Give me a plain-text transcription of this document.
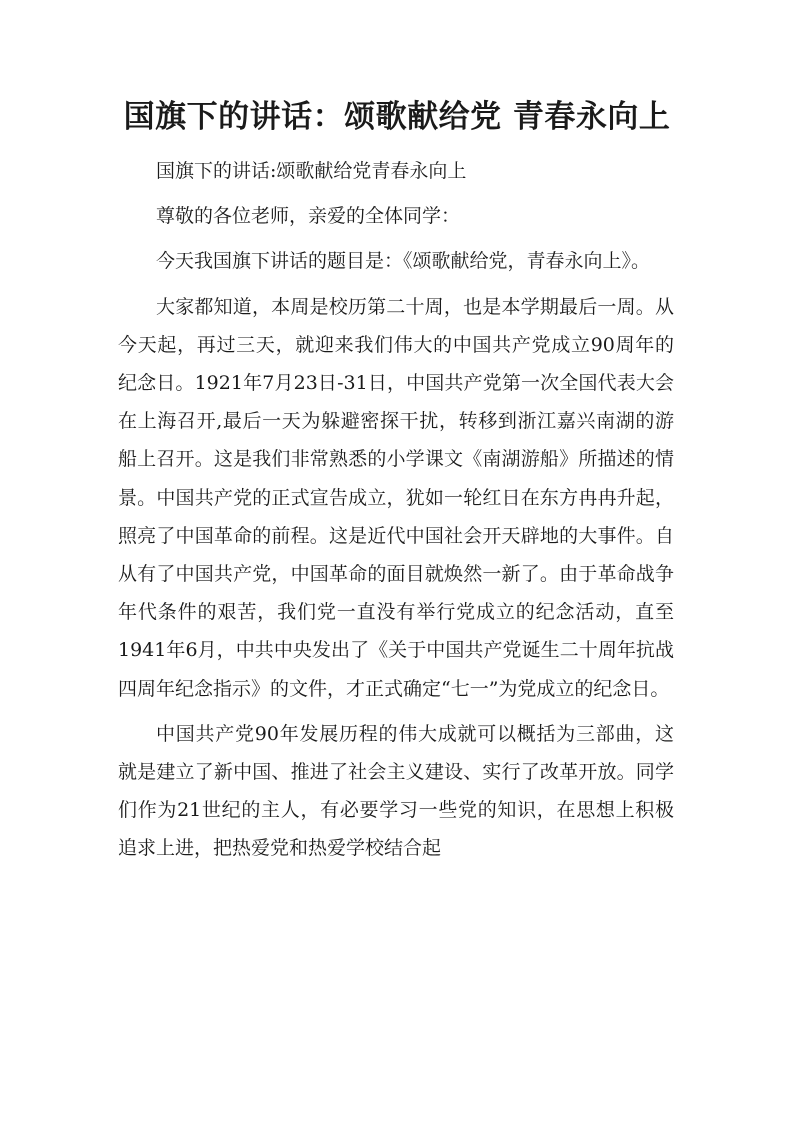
国旗下的讲话：颂歌献给党 青春永向上

国旗下的讲话:颂歌献给党青春永向上

尊敬的各位老师，亲爱的全体同学：

今天我国旗下讲话的题目是：《颂歌献给党，青春永向上》。

大家都知道，本周是校历第二十周，也是本学期最后一周。从今天起，再过三天，就迎来我们伟大的中国共产党成立90周年的纪念日。1921年7月23日-31日，中国共产党第一次全国代表大会在上海召开,最后一天为躲避密探干扰，转移到浙江嘉兴南湖的游船上召开。这是我们非常熟悉的小学课文《南湖游船》所描述的情景。中国共产党的正式宣告成立，犹如一轮红日在东方冉冉升起，照亮了中国革命的前程。这是近代中国社会开天辟地的大事件。自从有了中国共产党，中国革命的面目就焕然一新了。由于革命战争年代条件的艰苦，我们党一直没有举行党成立的纪念活动，直至1941年6月，中共中央发出了《关于中国共产党诞生二十周年抗战四周年纪念指示》的文件，才正式确定“七一”为党成立的纪念日。

中国共产党90年发展历程的伟大成就可以概括为三部曲，这就是建立了新中国、推进了社会主义建设、实行了改革开放。同学们作为21世纪的主人，有必要学习一些党的知识，在思想上积极追求上进，把热爱党和热爱学校结合起
